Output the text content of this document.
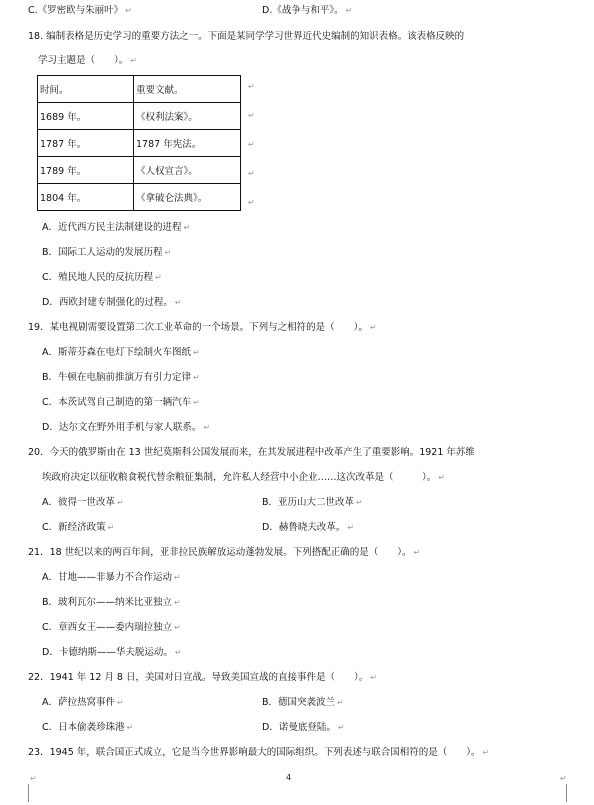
C.《罗密欧与朱丽叶》 ↵	D.《战争与和平》。 ↵
18. 编制表格是历史学习的重要方法之一。下面是某同学学习世界近代史编制的知识表格。该表格反映的
学习主题是（　　）。 ↵
时间。	重要文献。
1689 年。	《权利法案》。
1787 年。	1787 年宪法。
1789 年。	《人权宣言》。
1804 年。	《拿破仑法典》。
↵
↵
↵
↵
↵
A．近代西方民主法制建设的进程 ↵
B．国际工人运动的发展历程 ↵
C．殖民地人民的反抗历程 ↵
D．西欧封建专制强化的过程。 ↵
19．某电视剧需要设置第二次工业革命的一个场景。下列与之相符的是（　　）。 ↵
A．斯蒂芬森在电灯下绘制火车图纸 ↵
B．牛顿在电脑前推演万有引力定律 ↵
C．本茨试驾自己制造的第一辆汽车 ↵
D．达尔文在野外用手机与家人联系。 ↵
20．今天的俄罗斯由在 13 世纪莫斯科公国发展而来，在其发展进程中改革产生了重要影响。1921 年苏维
埃政府决定以征收粮食税代替余粮征集制，允许私人经营中小企业……这次改革是（　　　）。 ↵
A．彼得一世改革 ↵	B．亚历山大二世改革 ↵
C．新经济政策 ↵	D．赫鲁晓夫改革。 ↵
21．18 世纪以来的两百年间，亚非拉民族解放运动蓬勃发展。下列搭配正确的是（　　）。 ↵
A．甘地——非暴力不合作运动 ↵
B．玻利瓦尔——纳米比亚独立 ↵
C．章西女王——委内瑞拉独立 ↵
D．卡德纳斯——华夫脱运动。 ↵
22．1941 年 12 月 8 日，美国对日宣战。导致美国宣战的直接事件是（　　）。 ↵
A．萨拉热窝事件 ↵	B．德国突袭波兰 ↵
C．日本偷袭珍珠港 ↵	D．诺曼底登陆。 ↵
23．1945 年，联合国正式成立，它是当今世界影响最大的国际组织。下列表述与联合国相符的是（　　）。 ↵
↵	↵
4
